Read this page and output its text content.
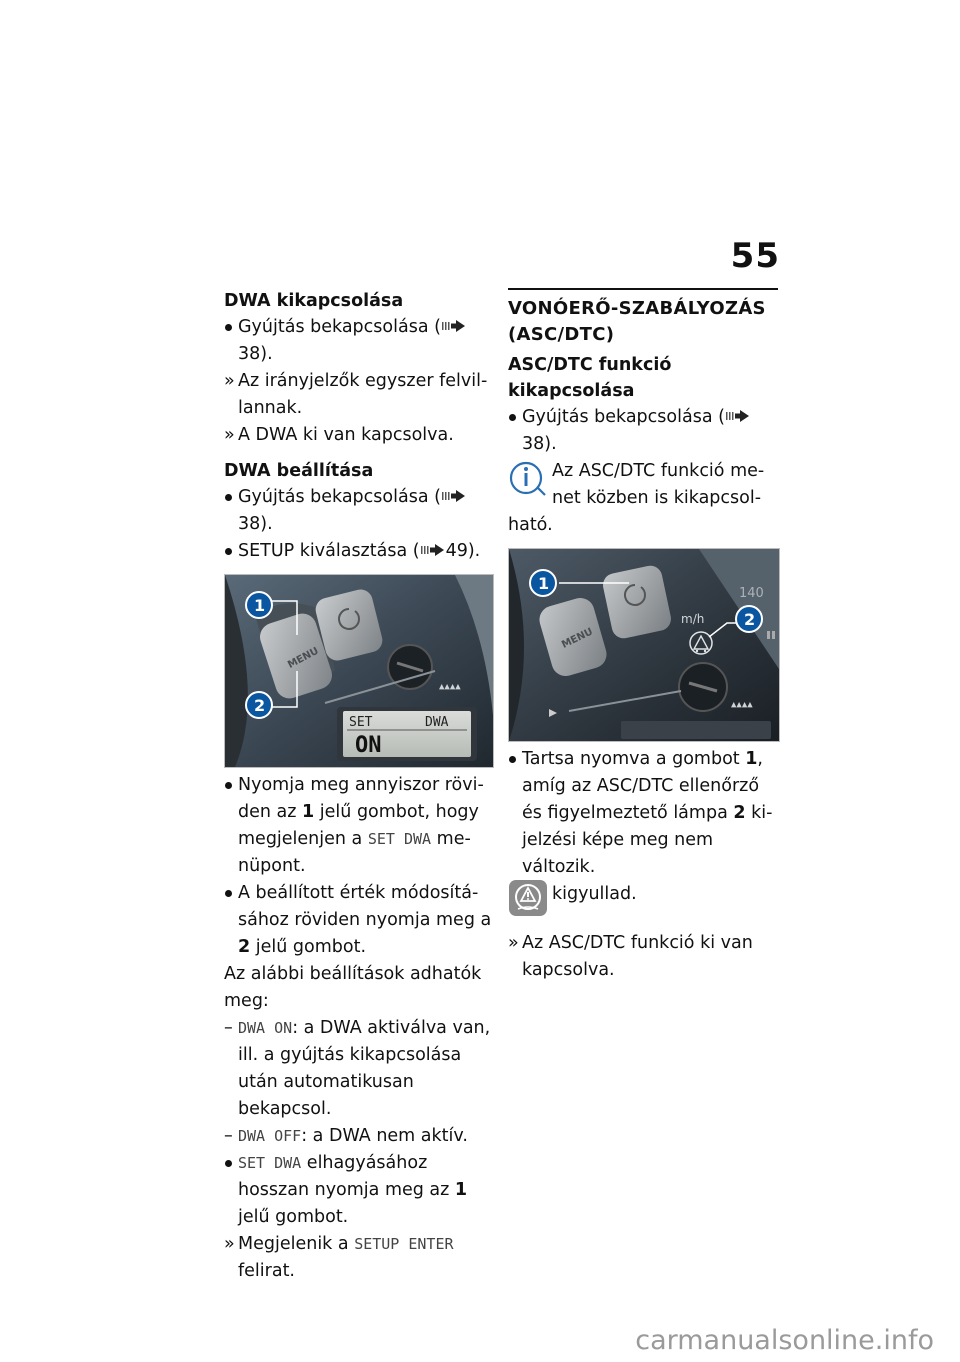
55

DWA kikapcsolása

Gyújtás bekapcsolása (38).

» Az irányjelzők egyszer felvil- lannak.

» A DWA ki van kapcsolva.

DWA beállítása

Gyújtás bekapcsolása (38).

SETUP kiválasztása ( 49).

MENU
▲▲▲▲
SET	DWA
ON
1
2

Nyomja meg annyiszor rövi- den az 1 jelű gombot, hogy megjelenjen a SET DWA me- nüpont.

A beállított érték módosítá- sához röviden nyomja meg a 2 jelű gombot.

Az alábbi beállítások adhatók meg:

– DWA ON: a DWA aktiválva van, ill. a gyújtás kikapcsolása után automatikusan bekapcsol.

– DWA OFF: a DWA nem aktív.

SET DWA elhagyásához hosszan nyomja meg az 1 jelű gombot.

» Megjelenik a SETUP ENTER felirat.

VONÓERŐ-SZABÁLYOZÁS (ASC/DTC)

ASC/DTC funkció kikapcsolása

Gyújtás bekapcsolása (38).

Az ASC/DTC funkció me- net közben is kikapcsol-

ható.

140
m/h
MENU
2
1
▲▲▲▲

Tartsa nyomva a gombot 1, amíg az ASC/DTC ellenőrző és figyelmeztető lámpa 2 ki- jelzési képe meg nem változik.

kigyullad.

» Az ASC/DTC funkció ki van kapcsolva.

carmanualsonline.info
